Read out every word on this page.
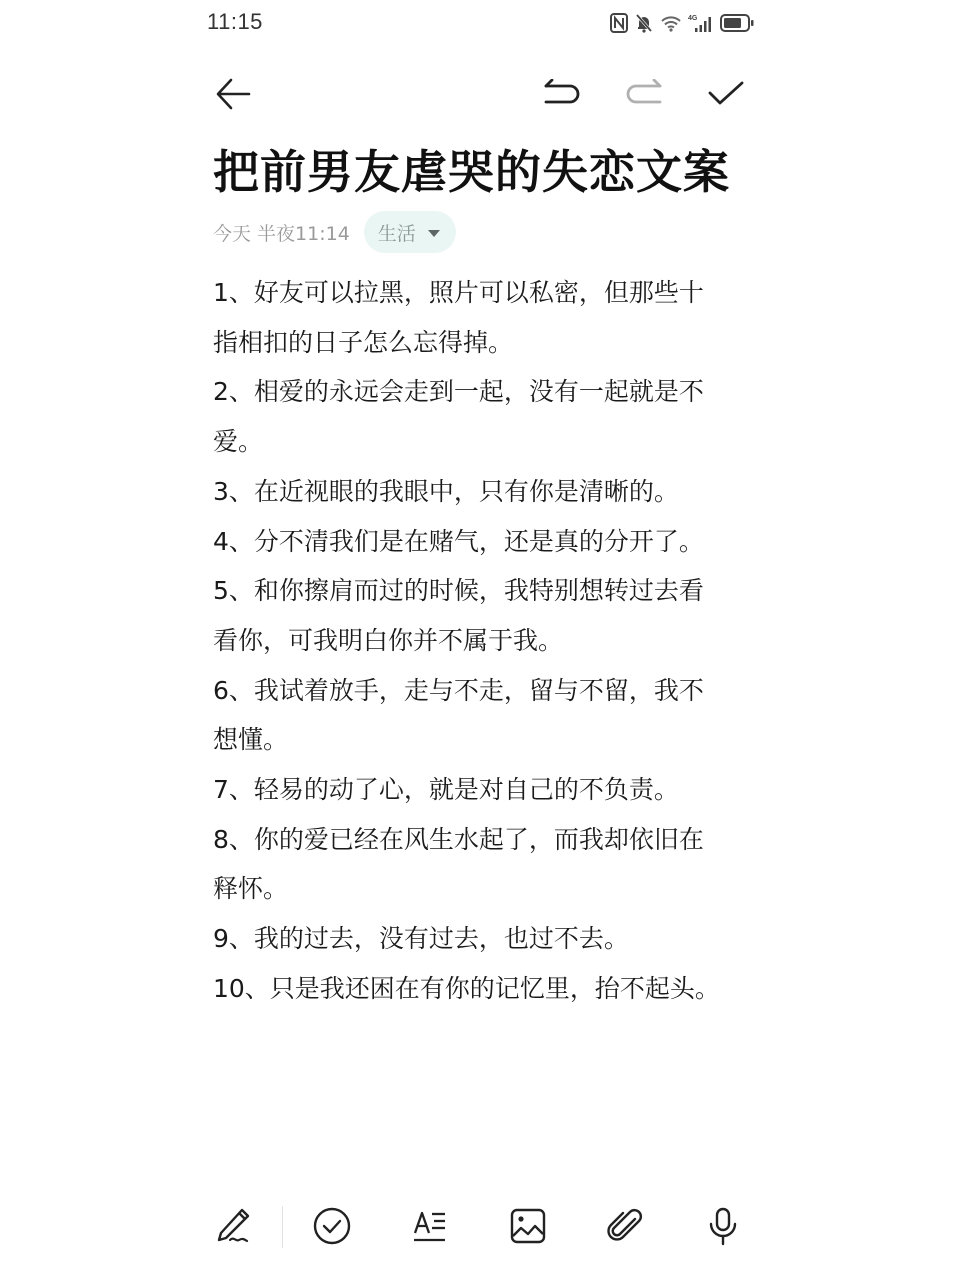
11:15	4G
把前男友虐哭的失恋文案
今天 半夜11:14 生活

1、好友可以拉黑，照片可以私密，但那些十指相扣的日子怎么忘得掉。

2、相爱的永远会走到一起，没有一起就是不爱。

3、在近视眼的我眼中，只有你是清晰的。

4、分不清我们是在赌气，还是真的分开了。

5、和你擦肩而过的时候，我特别想转过去看看你，可我明白你并不属于我。

6、我试着放手，走与不走，留与不留，我不想懂。

7、轻易的动了心，就是对自己的不负责。

8、你的爱已经在风生水起了，而我却依旧在释怀。

9、我的过去，没有过去，也过不去。

10、只是我还困在有你的记忆里，抬不起头。
